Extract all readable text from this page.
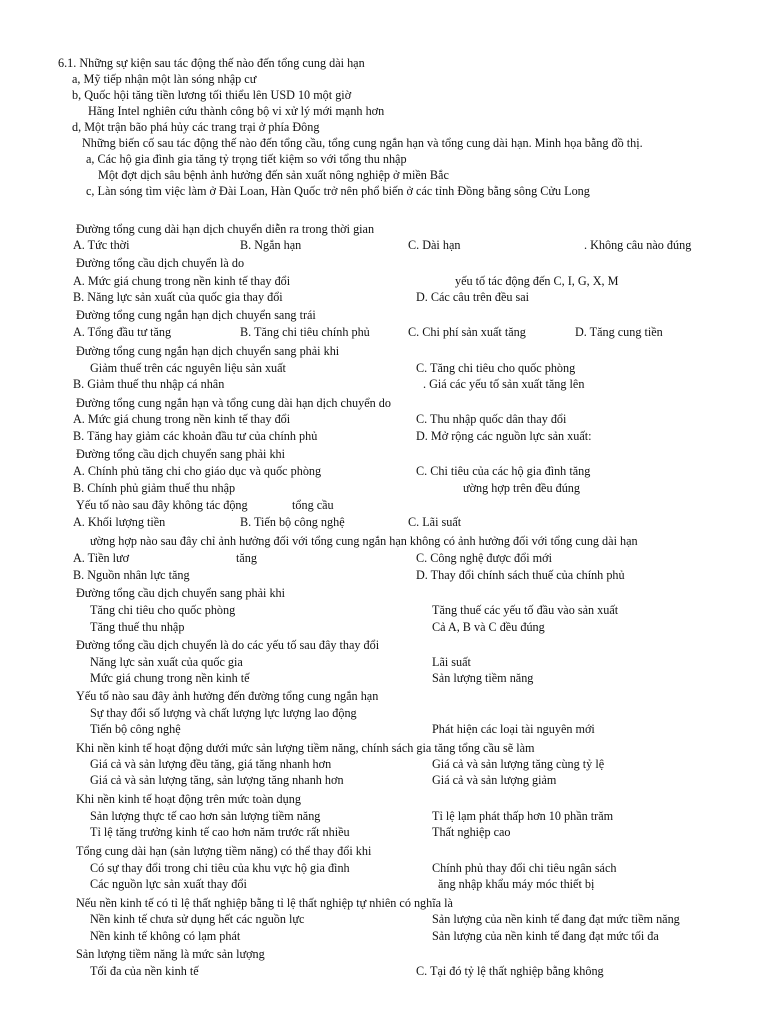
6.1. Những sự kiện sau tác động thế nào đến tổng cung dài hạn
a, Mỹ tiếp nhận một làn sóng nhập cư
b, Quốc hội tăng tiền lương tối thiểu lên USD 10 một giờ
Hãng Intel nghiên cứu thành công bộ vi xử lý mới mạnh hơn
d, Một trận bão phá hủy các trang trại ở phía Đông
Những biến cố sau tác động thế nào đến tổng cầu, tổng cung ngắn hạn và tổng cung dài hạn. Minh họa bằng đồ thị.
a, Các hộ gia đình gia tăng tỷ trọng tiết kiệm so với tổng thu nhập
Một đợt dịch sâu bệnh ảnh hưởng đến sản xuất nông nghiệp ở miền Bắc
c, Làn sóng tìm việc làm ở Đài Loan, Hàn Quốc trở nên phổ biến ở các tỉnh Đồng bằng sông Cửu Long
Đường tổng cung dài hạn dịch chuyển diễn ra trong thời gian
A. Tức thời	B. Ngắn hạn	C. Dài hạn	. Không câu nào đúng
Đường tổng cầu dịch chuyển là do
A. Mức giá chung trong nền kinh tế thay đổi	yếu tố tác động đến C, I, G, X, M
B. Năng lực sản xuất của quốc gia thay đổi	D. Các câu trên đều sai
Đường tổng cung ngắn hạn dịch chuyển sang trái
A. Tổng đầu tư tăng	B. Tăng chi tiêu chính phủ	C. Chi phí sản xuất tăng	D. Tăng cung tiền
Đường tổng cung ngắn hạn dịch chuyển sang phải khi
Giảm thuế trên các nguyên liệu sản xuất	C. Tăng chi tiêu cho quốc phòng
B. Giảm thuế thu nhập cá nhân	. Giá các yếu tố sản xuất tăng lên
Đường tổng cung ngắn hạn và tổng cung dài hạn dịch chuyển do
A. Mức giá chung trong nền kinh tế thay đổi	C. Thu nhập quốc dân thay đổi
B. Tăng hay giảm các khoản đầu tư của chính phủ	D. Mở rộng các nguồn lực sản xuất:
Đường tổng cầu dịch chuyển sang phải khi
A. Chính phủ tăng chi cho giáo dục và quốc phòng	C. Chi tiêu của các hộ gia đình tăng
B. Chính phủ giảm thuế thu nhập	ường hợp trên đều đúng
Yếu tố nào sau đây không tác động	tổng cầu
A. Khối lượng tiền	B. Tiến bộ công nghệ	C. Lãi suất
ường hợp nào sau đây chỉ ảnh hưởng đối với tổng cung ngắn hạn không có ảnh hưởng đối với tổng cung dài hạn
A. Tiền lươ	tăng	C. Công nghệ được đổi mới
B. Nguồn nhân lực tăng	D. Thay đổi chính sách thuế của chính phủ
Đường tổng cầu dịch chuyển sang phải khi
Tăng chi tiêu cho quốc phòng	Tăng thuế các yếu tố đầu vào sản xuất
Tăng thuế thu nhập	Cả A, B và C đều đúng
Đường tổng cầu dịch chuyển là do các yếu tố sau đây thay đổi
Năng lực sản xuất của quốc gia	Lãi suất
Mức giá chung trong nền kinh tế	Sản lượng tiềm năng
Yếu tố nào sau đây ảnh hưởng đến đường tổng cung ngắn hạn
Sự thay đổi số lượng và chất lượng lực lượng lao động
Tiến bộ công nghệ	Phát hiện các loại tài nguyên mới
Khi nền kinh tế hoạt động dưới mức sản lượng tiềm năng, chính sách gia tăng tổng cầu sẽ làm
Giá cả và sản lượng đều tăng, giá tăng nhanh hơn	Giá cả và sản lượng tăng cùng tỷ lệ
Giá cả và sản lượng tăng, sản lượng tăng nhanh hơn	Giá cả và sản lượng giảm
Khi nền kinh tế hoạt động trên mức toàn dụng
Sản lượng thực tế cao hơn sản lượng tiềm năng	Tỉ lệ lạm phát thấp hơn 10 phần trăm
Tỉ lệ tăng trưởng kinh tế cao hơn năm trước rất nhiều	Thất nghiệp cao
Tổng cung dài hạn (sản lượng tiềm năng) có thể thay đổi khi
Có sự thay đổi trong chi tiêu của khu vực hộ gia đình	Chính phủ thay đổi chi tiêu ngân sách
Các nguồn lực sản xuất thay đổi	ăng nhập khẩu máy móc thiết bị
Nếu nền kinh tế có tỉ lệ thất nghiệp bằng tỉ lệ thất nghiệp tự nhiên có nghĩa là
Nền kinh tế chưa sử dụng hết các nguồn lực	Sản lượng của nền kinh tế đang đạt mức tiềm năng
Nền kinh tế không có lạm phát	Sản lượng của nền kinh tế đang đạt mức tối đa
Sản lượng tiềm năng là mức sản lượng
Tối đa của nền kinh tế	C. Tại đó tỷ lệ thất nghiệp bằng không
